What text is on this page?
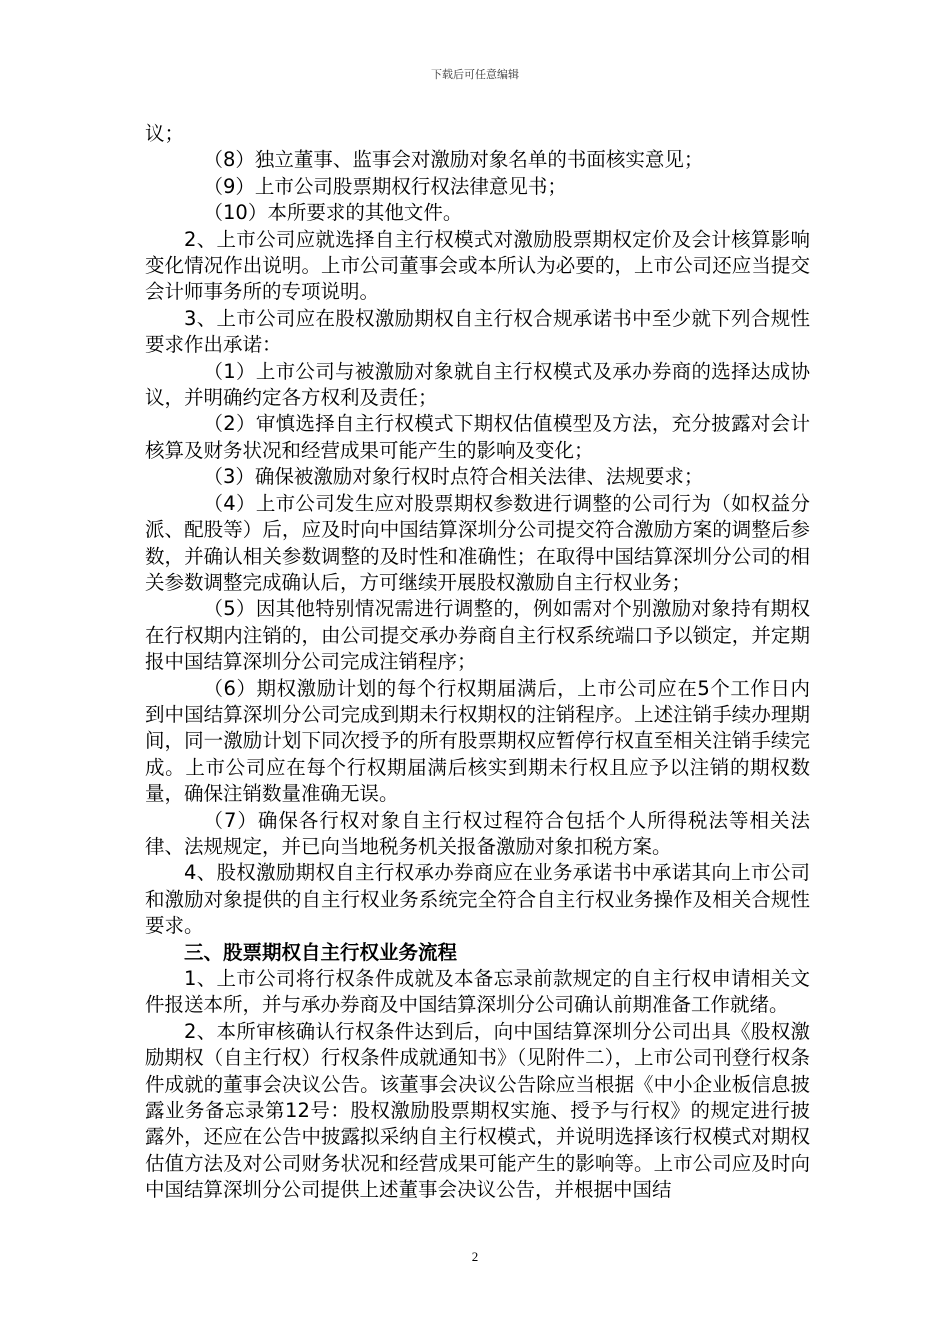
下载后可任意编辑

议；

（8）独立董事、监事会对激励对象名单的书面核实意见；

（9）上市公司股票期权行权法律意见书；

（10）本所要求的其他文件。

2、上市公司应就选择自主行权模式对激励股票期权定价及会计核算影响变化情况作出说明。上市公司董事会或本所认为必要的，上市公司还应当提交会计师事务所的专项说明。

3、上市公司应在股权激励期权自主行权合规承诺书中至少就下列合规性要求作出承诺：

（1）上市公司与被激励对象就自主行权模式及承办券商的选择达成协议，并明确约定各方权利及责任；

（2）审慎选择自主行权模式下期权估值模型及方法，充分披露对会计核算及财务状况和经营成果可能产生的影响及变化；

（3）确保被激励对象行权时点符合相关法律、法规要求；

（4）上市公司发生应对股票期权参数进行调整的公司行为（如权益分派、配股等）后，应及时向中国结算深圳分公司提交符合激励方案的调整后参数，并确认相关参数调整的及时性和准确性；在取得中国结算深圳分公司的相关参数调整完成确认后，方可继续开展股权激励自主行权业务；

（5）因其他特别情况需进行调整的，例如需对个别激励对象持有期权在行权期内注销的，由公司提交承办券商自主行权系统端口予以锁定，并定期报中国结算深圳分公司完成注销程序；

（6）期权激励计划的每个行权期届满后，上市公司应在5个工作日内到中国结算深圳分公司完成到期未行权期权的注销程序。上述注销手续办理期间，同一激励计划下同次授予的所有股票期权应暂停行权直至相关注销手续完成。上市公司应在每个行权期届满后核实到期未行权且应予以注销的期权数量，确保注销数量准确无误。

（7）确保各行权对象自主行权过程符合包括个人所得税法等相关法律、法规规定，并已向当地税务机关报备激励对象扣税方案。

4、股权激励期权自主行权承办券商应在业务承诺书中承诺其向上市公司和激励对象提供的自主行权业务系统完全符合自主行权业务操作及相关合规性要求。

三、股票期权自主行权业务流程

1、上市公司将行权条件成就及本备忘录前款规定的自主行权申请相关文件报送本所，并与承办券商及中国结算深圳分公司确认前期准备工作就绪。

2、本所审核确认行权条件达到后，向中国结算深圳分公司出具《股权激励期权（自主行权）行权条件成就通知书》（见附件二），上市公司刊登行权条件成就的董事会决议公告。该董事会决议公告除应当根据《中小企业板信息披露业务备忘录第12号：股权激励股票期权实施、授予与行权》的规定进行披露外，还应在公告中披露拟采纳自主行权模式，并说明选择该行权模式对期权估值方法及对公司财务状况和经营成果可能产生的影响等。上市公司应及时向中国结算深圳分公司提供上述董事会决议公告，并根据中国结

2
